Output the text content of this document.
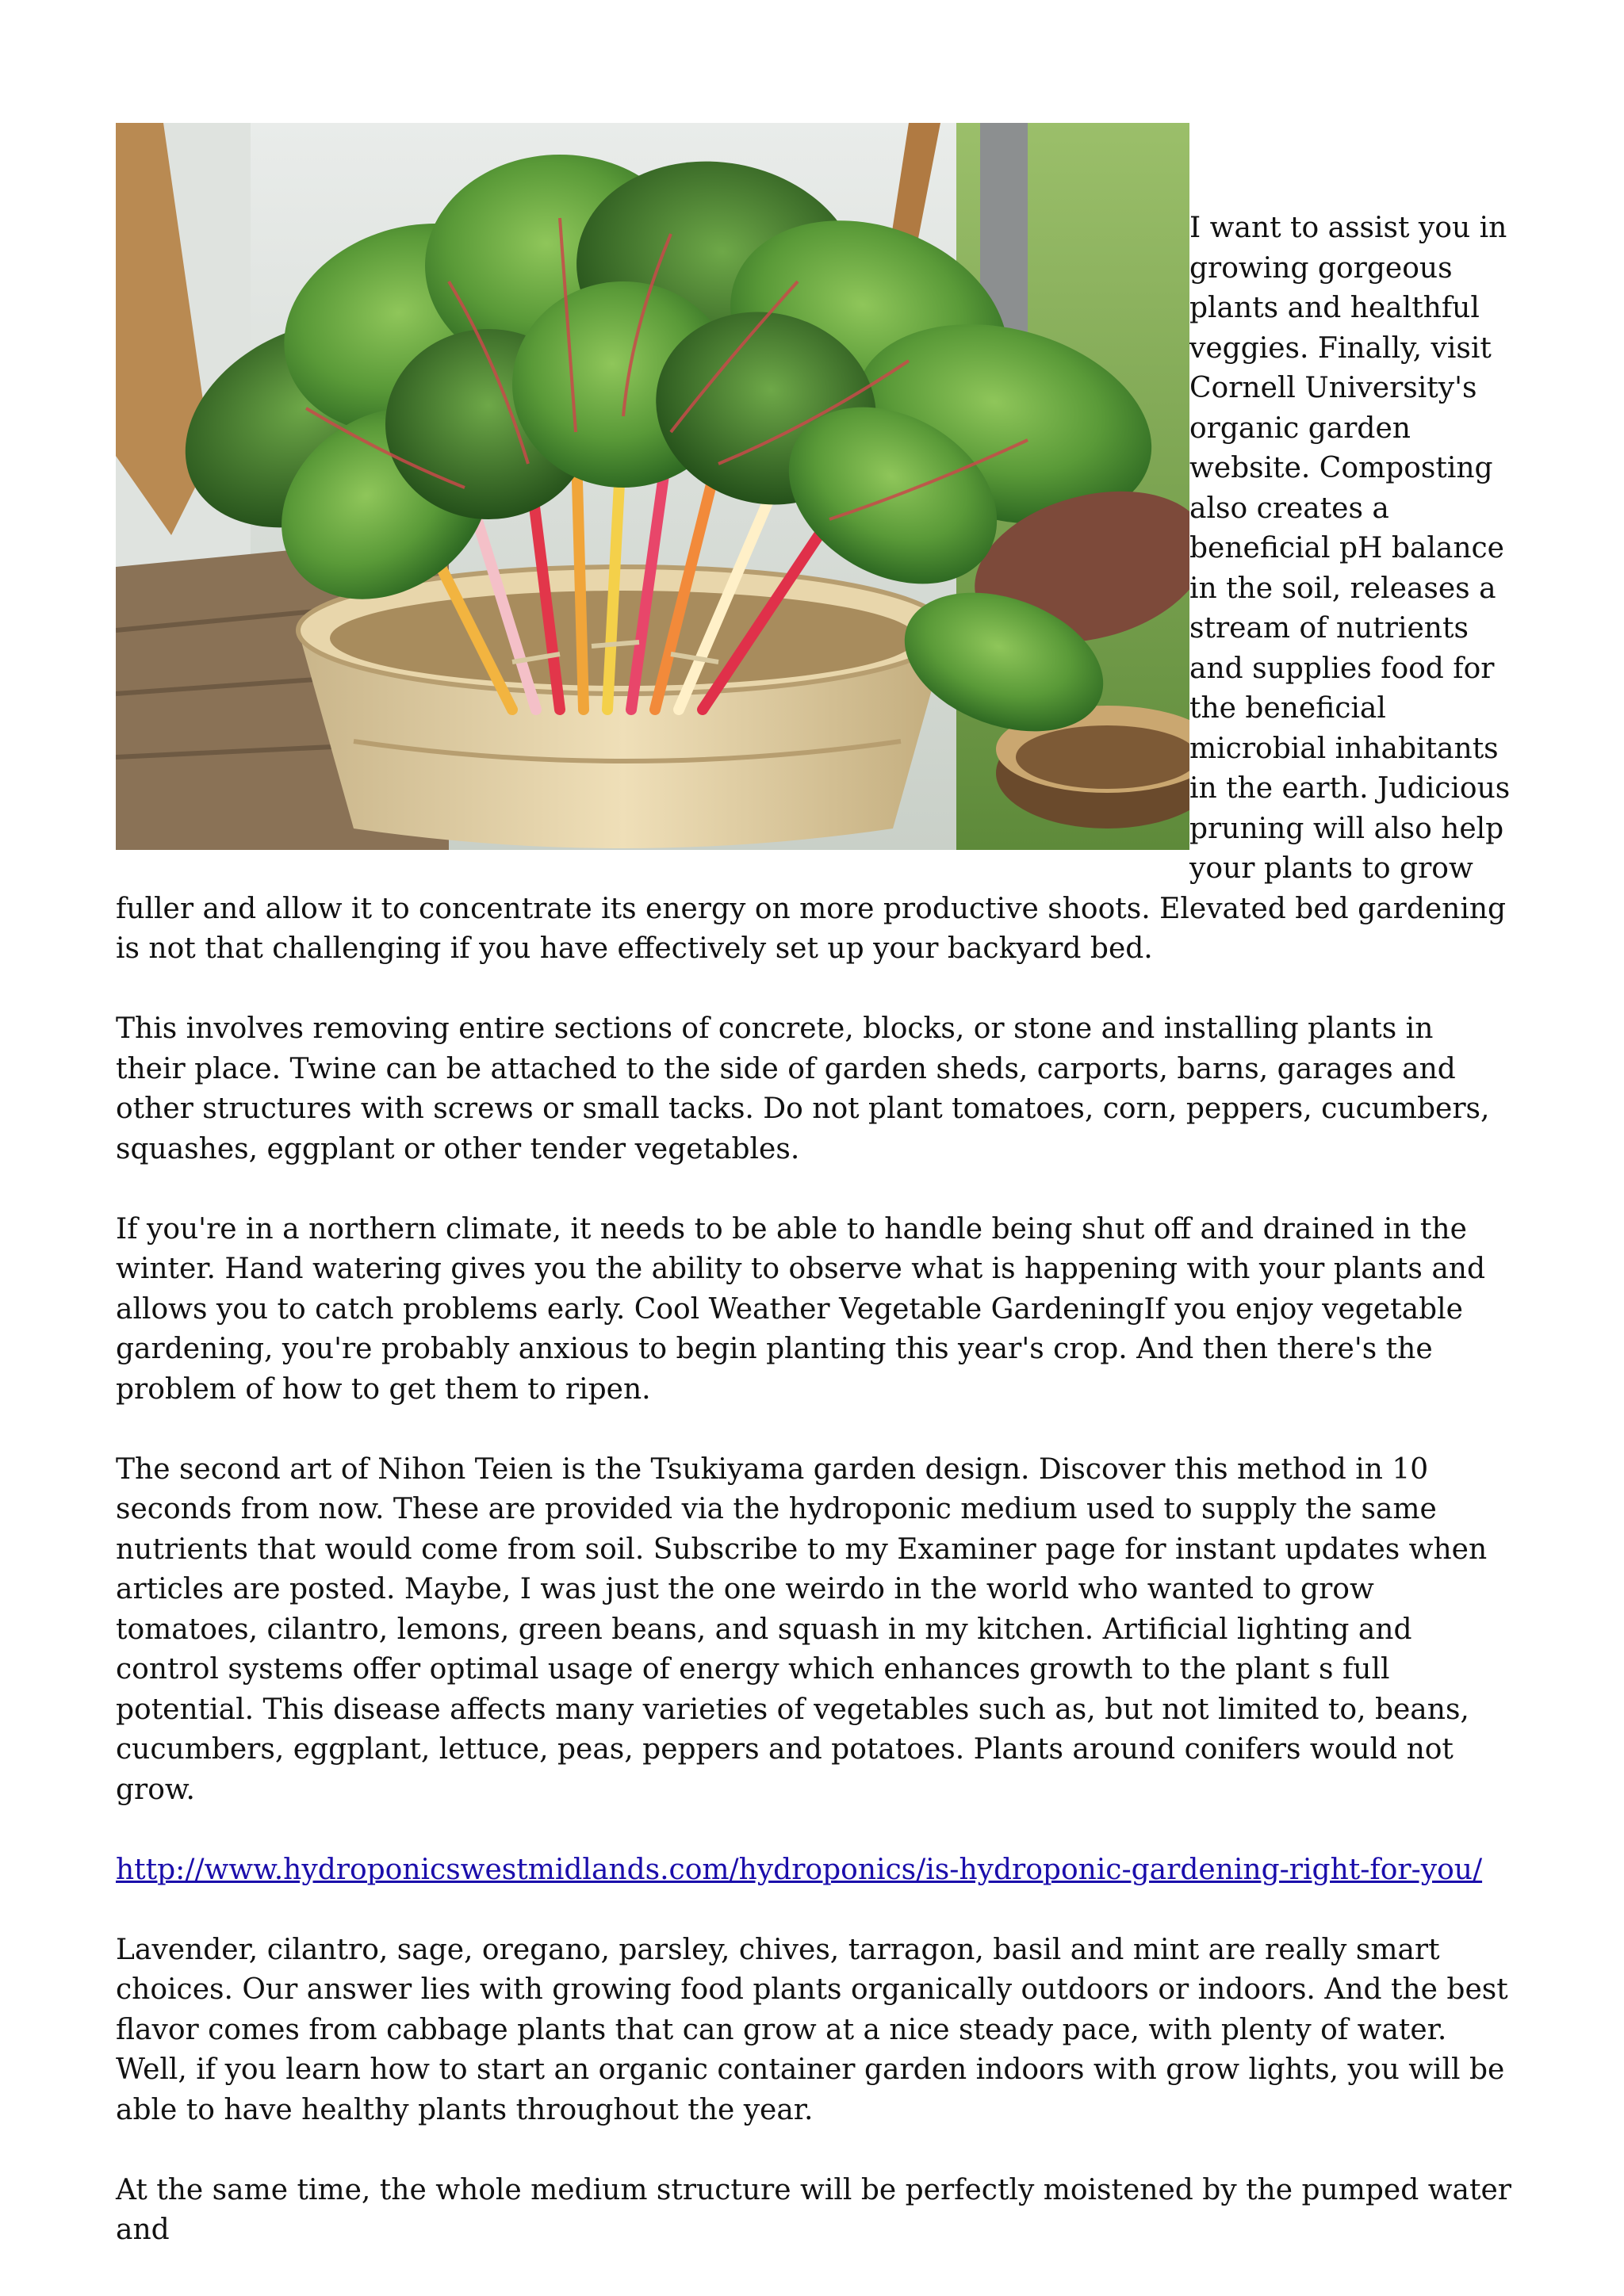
I want to assist you in growing gorgeous plants and healthful veggies. Finally, visit Cornell University's organic garden website. Composting also creates a beneficial pH balance in the soil, releases a stream of nutrients and supplies food for the beneficial microbial inhabitants in the earth. Judicious pruning will also help your plants to grow fuller and allow it to concentrate its energy on more productive shoots. Elevated bed gardening is not that challenging if you have effectively set up your backyard bed.

This involves removing entire sections of concrete, blocks, or stone and installing plants in their place. Twine can be attached to the side of garden sheds, carports, barns, garages and other structures with screws or small tacks. Do not plant tomatoes, corn, peppers, cucumbers, squashes, eggplant or other tender vegetables.

If you're in a northern climate, it needs to be able to handle being shut off and drained in the winter. Hand watering gives you the ability to observe what is happening with your plants and allows you to catch problems early. Cool Weather Vegetable GardeningIf you enjoy vegetable gardening, you're probably anxious to begin planting this year's crop. And then there's the problem of how to get them to ripen.

The second art of Nihon Teien is the Tsukiyama garden design. Discover this method in 10 seconds from now. These are provided via the hydroponic medium used to supply the same nutrients that would come from soil. Subscribe to my Examiner page for instant updates when articles are posted. Maybe, I was just the one weirdo in the world who wanted to grow tomatoes, cilantro, lemons, green beans, and squash in my kitchen. Artificial lighting and control systems offer optimal usage of energy which enhances growth to the plant s full potential. This disease affects many varieties of vegetables such as, but not limited to, beans, cucumbers, eggplant, lettuce, peas, peppers and potatoes. Plants around conifers would not grow.

http://www.hydroponicswestmidlands.com/hydroponics/is-hydroponic-gardening-right-for-you/

Lavender, cilantro, sage, oregano, parsley, chives, tarragon, basil and mint are really smart choices. Our answer lies with growing food plants organically outdoors or indoors. And the best flavor comes from cabbage plants that can grow at a nice steady pace, with plenty of water. Well, if you learn how to start an organic container garden indoors with grow lights, you will be able to have healthy plants throughout the year.

At the same time, the whole medium structure will be perfectly moistened by the pumped water and
